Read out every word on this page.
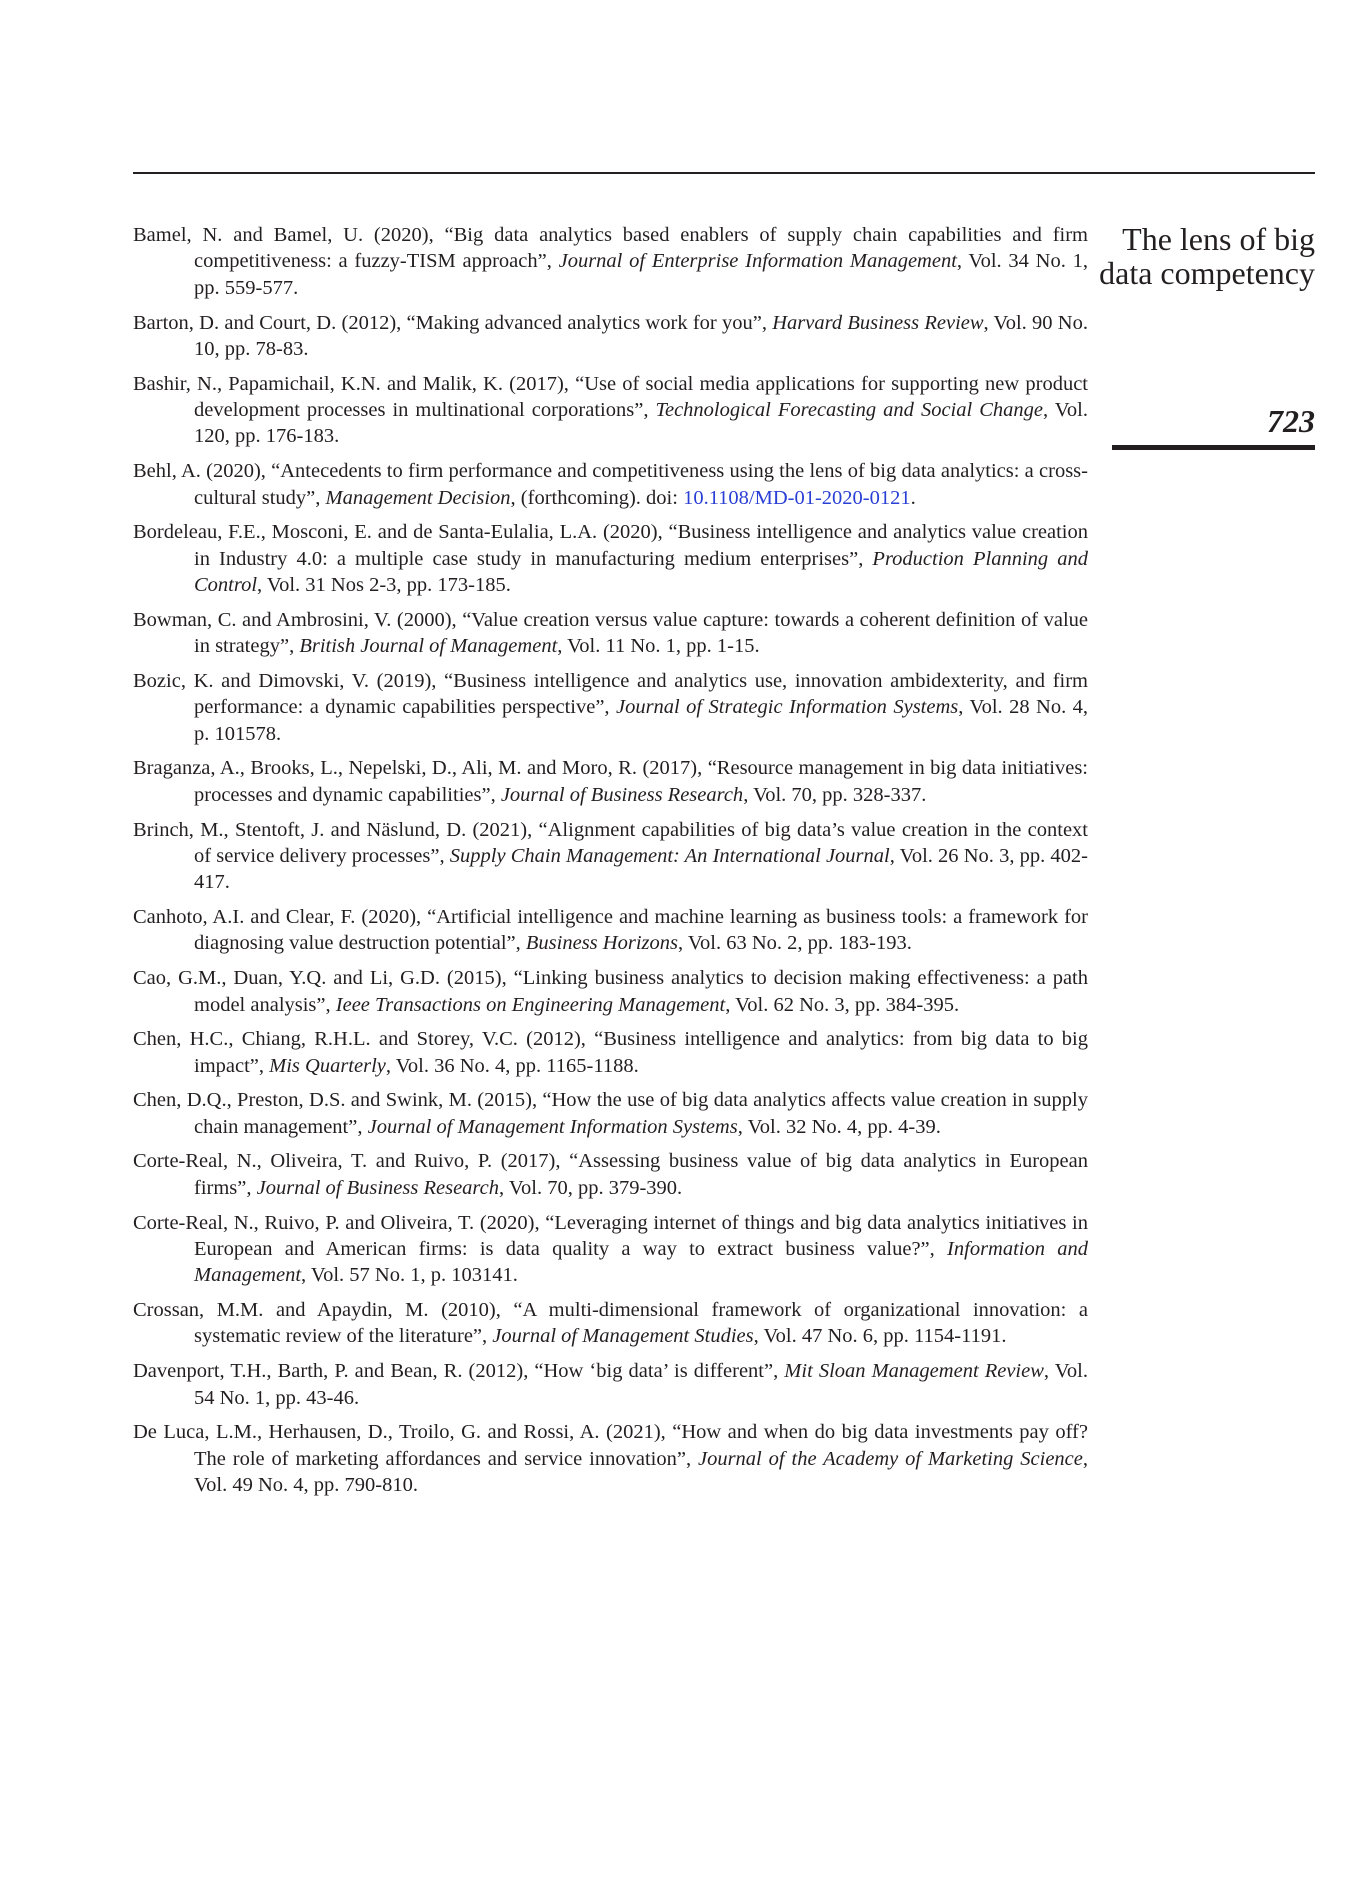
Bamel, N. and Bamel, U. (2020), “Big data analytics based enablers of supply chain capabilities and firm competitiveness: a fuzzy-TISM approach”, Journal of Enterprise Information Management, Vol. 34 No. 1, pp. 559-577.
Barton, D. and Court, D. (2012), “Making advanced analytics work for you”, Harvard Business Review, Vol. 90 No. 10, pp. 78-83.
Bashir, N., Papamichail, K.N. and Malik, K. (2017), “Use of social media applications for supporting new product development processes in multinational corporations”, Technological Forecasting and Social Change, Vol. 120, pp. 176-183.
Behl, A. (2020), “Antecedents to firm performance and competitiveness using the lens of big data analytics: a cross-cultural study”, Management Decision, (forthcoming). doi: 10.1108/MD-01-2020-0121.
Bordeleau, F.E., Mosconi, E. and de Santa-Eulalia, L.A. (2020), “Business intelligence and analytics value creation in Industry 4.0: a multiple case study in manufacturing medium enterprises”, Production Planning and Control, Vol. 31 Nos 2-3, pp. 173-185.
Bowman, C. and Ambrosini, V. (2000), “Value creation versus value capture: towards a coherent definition of value in strategy”, British Journal of Management, Vol. 11 No. 1, pp. 1-15.
Bozic, K. and Dimovski, V. (2019), “Business intelligence and analytics use, innovation ambidexterity, and firm performance: a dynamic capabilities perspective”, Journal of Strategic Information Systems, Vol. 28 No. 4, p. 101578.
Braganza, A., Brooks, L., Nepelski, D., Ali, M. and Moro, R. (2017), “Resource management in big data initiatives: processes and dynamic capabilities”, Journal of Business Research, Vol. 70, pp. 328-337.
Brinch, M., Stentoft, J. and Näslund, D. (2021), “Alignment capabilities of big data’s value creation in the context of service delivery processes”, Supply Chain Management: An International Journal, Vol. 26 No. 3, pp. 402-417.
Canhoto, A.I. and Clear, F. (2020), “Artificial intelligence and machine learning as business tools: a framework for diagnosing value destruction potential”, Business Horizons, Vol. 63 No. 2, pp. 183-193.
Cao, G.M., Duan, Y.Q. and Li, G.D. (2015), “Linking business analytics to decision making effectiveness: a path model analysis”, Ieee Transactions on Engineering Management, Vol. 62 No. 3, pp. 384-395.
Chen, H.C., Chiang, R.H.L. and Storey, V.C. (2012), “Business intelligence and analytics: from big data to big impact”, Mis Quarterly, Vol. 36 No. 4, pp. 1165-1188.
Chen, D.Q., Preston, D.S. and Swink, M. (2015), “How the use of big data analytics affects value creation in supply chain management”, Journal of Management Information Systems, Vol. 32 No. 4, pp. 4-39.
Corte-Real, N., Oliveira, T. and Ruivo, P. (2017), “Assessing business value of big data analytics in European firms”, Journal of Business Research, Vol. 70, pp. 379-390.
Corte-Real, N., Ruivo, P. and Oliveira, T. (2020), “Leveraging internet of things and big data analytics initiatives in European and American firms: is data quality a way to extract business value?”, Information and Management, Vol. 57 No. 1, p. 103141.
Crossan, M.M. and Apaydin, M. (2010), “A multi-dimensional framework of organizational innovation: a systematic review of the literature”, Journal of Management Studies, Vol. 47 No. 6, pp. 1154-1191.
Davenport, T.H., Barth, P. and Bean, R. (2012), “How ‘big data’ is different”, Mit Sloan Management Review, Vol. 54 No. 1, pp. 43-46.
De Luca, L.M., Herhausen, D., Troilo, G. and Rossi, A. (2021), “How and when do big data investments pay off? The role of marketing affordances and service innovation”, Journal of the Academy of Marketing Science, Vol. 49 No. 4, pp. 790-810.
The lens of big data competency
723
